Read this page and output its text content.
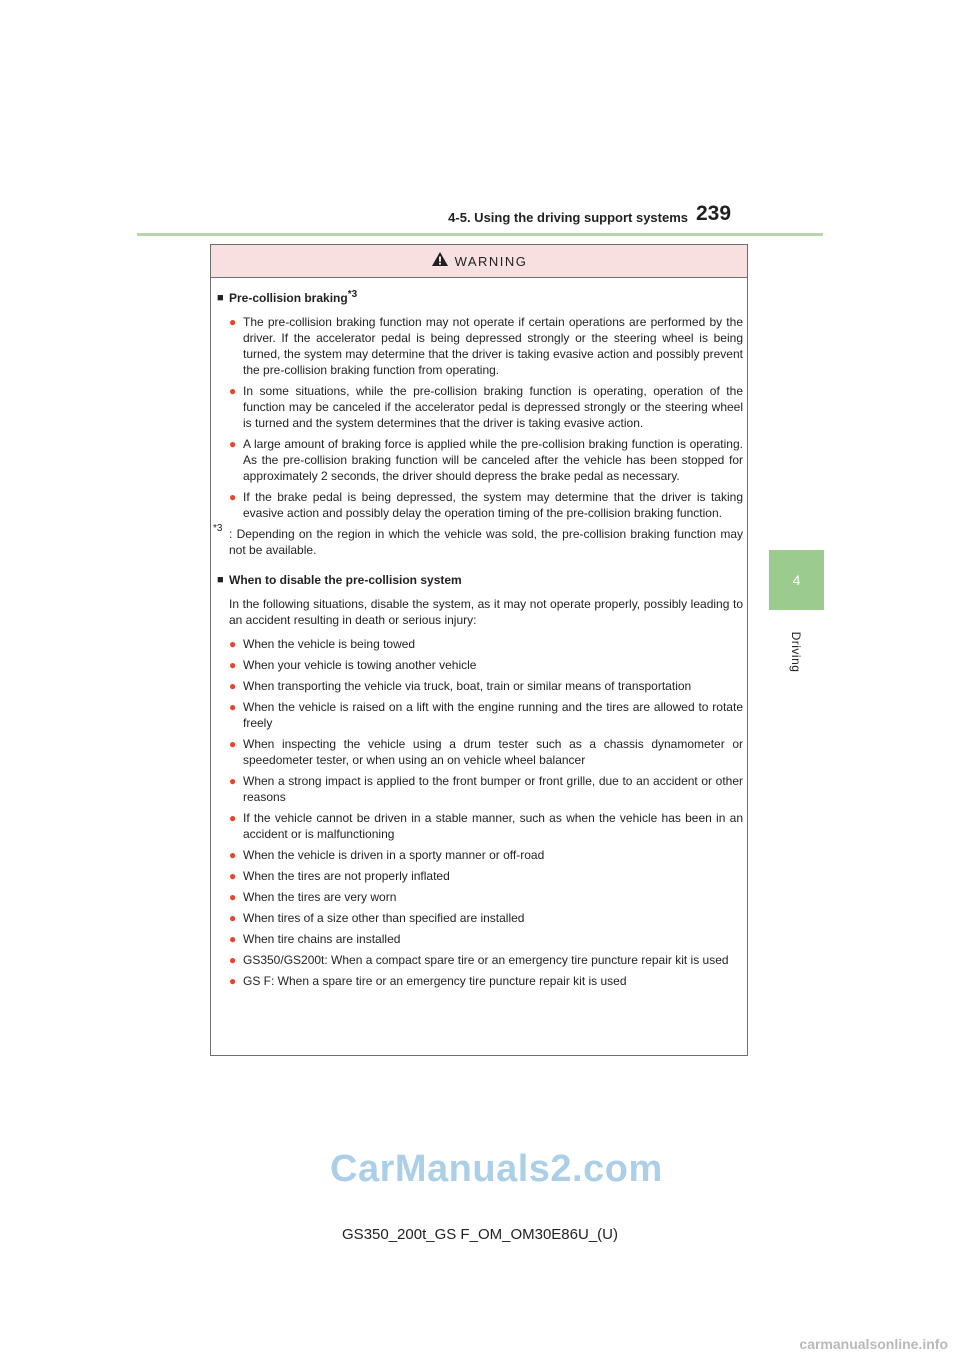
4-5. Using the driving support systems 239
4
Driving
WARNING
■ Pre-collision braking$^{*3}$
● The pre-collision braking function may not operate if certain operations are performed by the driver. If the accelerator pedal is being depressed strongly or the steering wheel is being turned, the system may determine that the driver is taking evasive action and possibly prevent the pre-collision braking function from operating.
● In some situations, while the pre-collision braking function is operating, operation of the function may be canceled if the accelerator pedal is depressed strongly or the steering wheel is turned and the system determines that the driver is taking evasive action.
● A large amount of braking force is applied while the pre-collision braking function is operating. As the pre-collision braking function will be canceled after the vehicle has been stopped for approximately 2 seconds, the driver should depress the brake pedal as necessary.
● If the brake pedal is being depressed, the system may determine that the driver is taking evasive action and possibly delay the operation timing of the pre-collision braking function.
$^{*3}$ : Depending on the region in which the vehicle was sold, the pre-collision braking function may not be available.
■ When to disable the pre-collision system
In the following situations, disable the system, as it may not operate properly, possibly leading to an accident resulting in death or serious injury:
● When the vehicle is being towed
● When your vehicle is towing another vehicle
● When transporting the vehicle via truck, boat, train or similar means of transportation
● When the vehicle is raised on a lift with the engine running and the tires are allowed to rotate freely
● When inspecting the vehicle using a drum tester such as a chassis dynamometer or speedometer tester, or when using an on vehicle wheel balancer
● When a strong impact is applied to the front bumper or front grille, due to an accident or other reasons
● If the vehicle cannot be driven in a stable manner, such as when the vehicle has been in an accident or is malfunctioning
● When the vehicle is driven in a sporty manner or off-road
● When the tires are not properly inflated
● When the tires are very worn
● When tires of a size other than specified are installed
● When tire chains are installed
● GS350/GS200t: When a compact spare tire or an emergency tire puncture repair kit is used
● GS F: When a spare tire or an emergency tire puncture repair kit is used
CarManuals2.com
GS350_200t_GS F_OM_OM30E86U_(U)
carmanualsonline.info
